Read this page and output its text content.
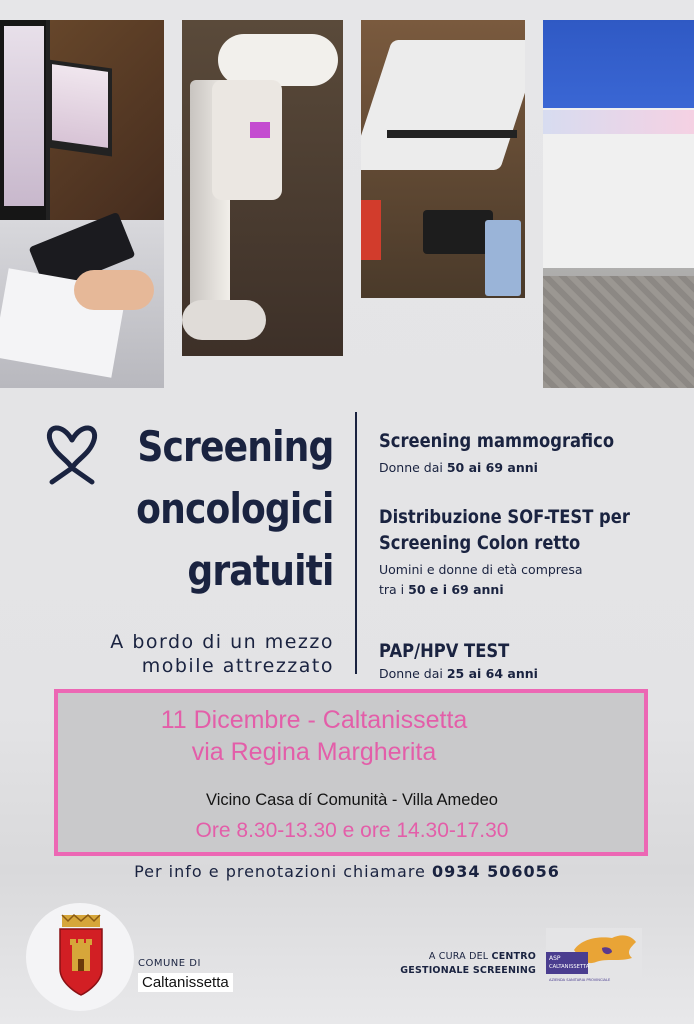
Screening
oncologici
gratuiti
A bordo di un mezzo
mobile attrezzato
Screening mammografico
Donne dai 50 ai 69 anni
Distribuzione SOF-TEST per
Screening Colon retto
Uomini e donne di età compresa
tra i 50 e i 69 anni
PAP/HPV TEST
Donne dai 25 ai 64 anni
11 Dicembre - Caltanissetta
via Regina Margherita
Vicino Casa dí Comunità - Villa Amedeo
Ore 8.30-13.30 e ore 14.30-17.30
Per info e prenotazioni chiamare 0934 506056
COMUNE DI
Caltanissetta
A CURA DEL CENTRO
GESTIONALE SCREENING
ASP
CALTANISSETTA
AZIENDA SANITARIA PROVINCIALE
